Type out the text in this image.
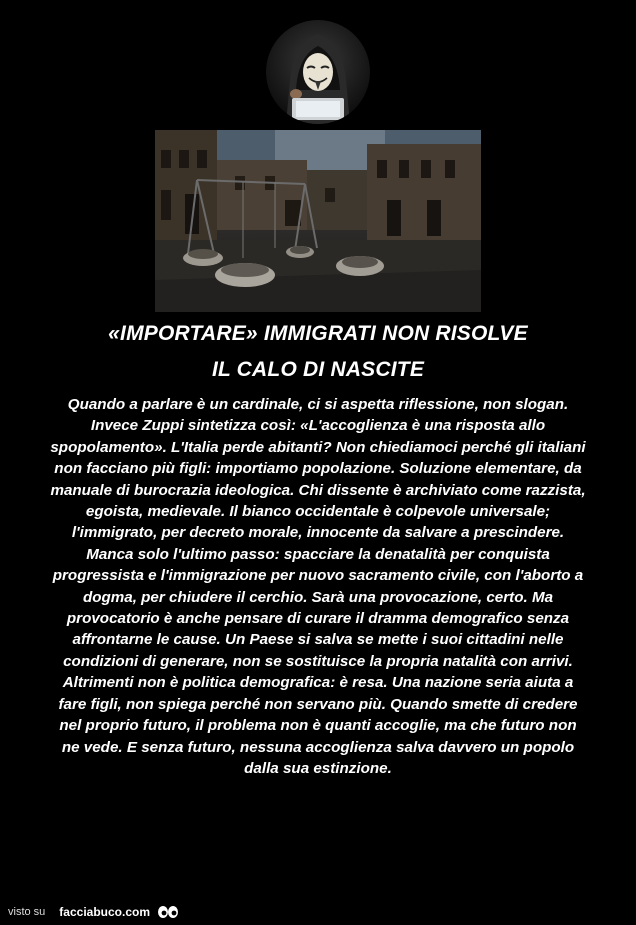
«IMPORTARE» IMMIGRATI NON RISOLVE
IL CALO DI NASCITE
Quando a parlare è un cardinale, ci si aspetta riflessione, non slogan. Invece Zuppi sintetizza così: «L'accoglienza è una risposta allo spopolamento». L'Italia perde abitanti? Non chiediamoci perché gli italiani non facciano più figli: importiamo popolazione. Soluzione elementare, da manuale di burocrazia ideologica. Chi dissente è archiviato come razzista, egoista, medievale. Il bianco occidentale è colpevole universale; l'immigrato, per decreto morale, innocente da salvare a prescindere. Manca solo l'ultimo passo: spacciare la denatalità per conquista progressista e l'immigrazione per nuovo sacramento civile, con l'aborto a dogma, per chiudere il cerchio. Sarà una provocazione, certo. Ma provocatorio è anche pensare di curare il dramma demografico senza affrontarne le cause. Un Paese si salva se mette i suoi cittadini nelle condizioni di generare, non se sostituisce la propria natalità con arrivi. Altrimenti non è politica demografica: è resa. Una nazione seria aiuta a fare figli, non spiega perché non servano più. Quando smette di credere nel proprio futuro, il problema non è quanti accoglie, ma che futuro non ne vede. E senza futuro, nessuna accoglienza salva davvero un popolo dalla sua estinzione.
visto su facciabuco.com
